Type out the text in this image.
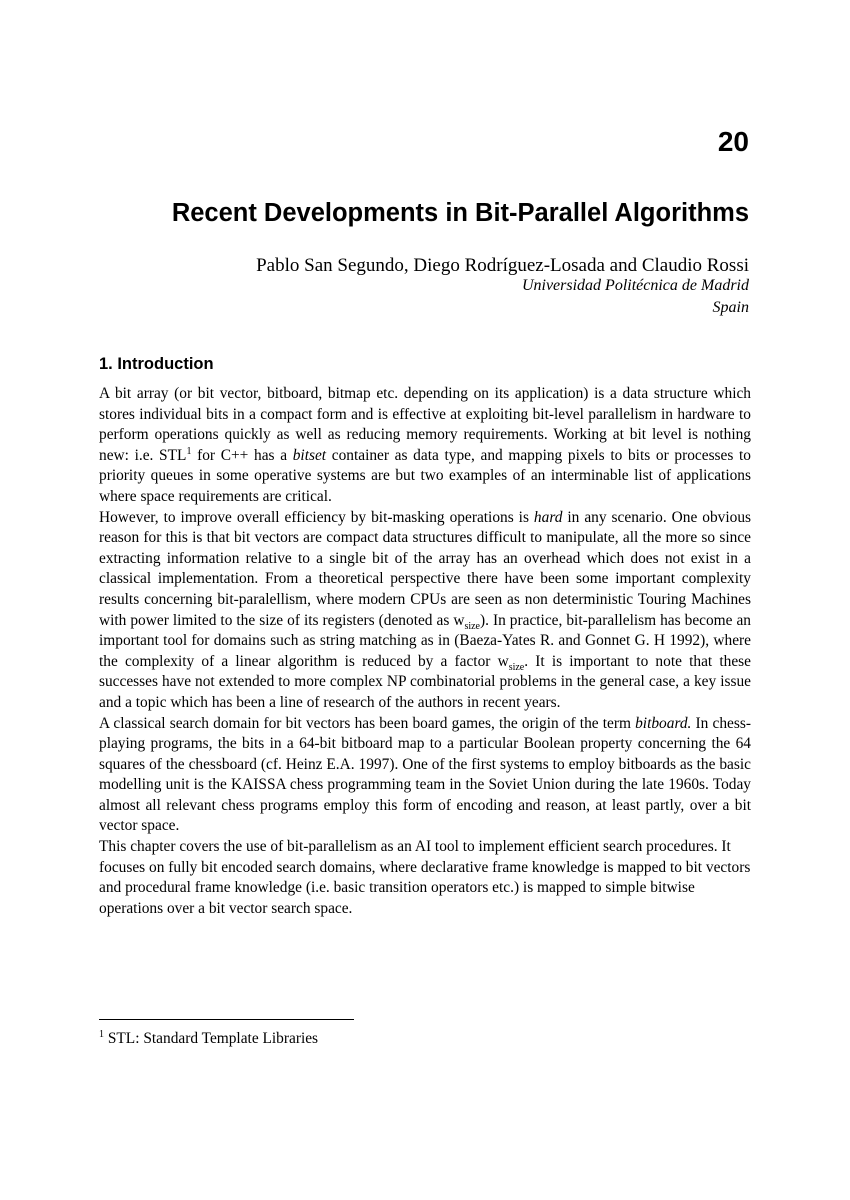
20
Recent Developments in Bit-Parallel Algorithms
Pablo San Segundo, Diego Rodríguez-Losada and Claudio Rossi
Universidad Politécnica de Madrid
Spain
1. Introduction

A bit array (or bit vector, bitboard, bitmap etc. depending on its application) is a data structure which stores individual bits in a compact form and is effective at exploiting bit-level parallelism in hardware to perform operations quickly as well as reducing memory requirements. Working at bit level is nothing new: i.e. STL$^1$ for C++ has a bitset container as data type, and mapping pixels to bits or processes to priority queues in some operative systems are but two examples of an interminable list of applications where space requirements are critical.

However, to improve overall efficiency by bit-masking operations is hard in any scenario. One obvious reason for this is that bit vectors are compact data structures difficult to manipulate, all the more so since extracting information relative to a single bit of the array has an overhead which does not exist in a classical implementation. From a theoretical perspective there have been some important complexity results concerning bit-paralellism, where modern CPUs are seen as non deterministic Touring Machines with power limited to the size of its registers (denoted as $w_{size}$). In practice, bit-parallelism has become an important tool for domains such as string matching as in (Baeza-Yates R. and Gonnet G. H 1992), where the complexity of a linear algorithm is reduced by a factor $w_{size}$. It is important to note that these successes have not extended to more complex NP combinatorial problems in the general case, a key issue and a topic which has been a line of research of the authors in recent years.

A classical search domain for bit vectors has been board games, the origin of the term bitboard. In chess-playing programs, the bits in a 64-bit bitboard map to a particular Boolean property concerning the 64 squares of the chessboard (cf. Heinz E.A. 1997). One of the first systems to employ bitboards as the basic modelling unit is the KAISSA chess programming team in the Soviet Union during the late 1960s. Today almost all relevant chess programs employ this form of encoding and reason, at least partly, over a bit vector space.

This chapter covers the use of bit-parallelism as an AI tool to implement efficient search procedures. It focuses on fully bit encoded search domains, where declarative frame knowledge is mapped to bit vectors and procedural frame knowledge (i.e. basic transition operators etc.) is mapped to simple bitwise operations over a bit vector search space.

$^1$ STL: Standard Template Libraries
